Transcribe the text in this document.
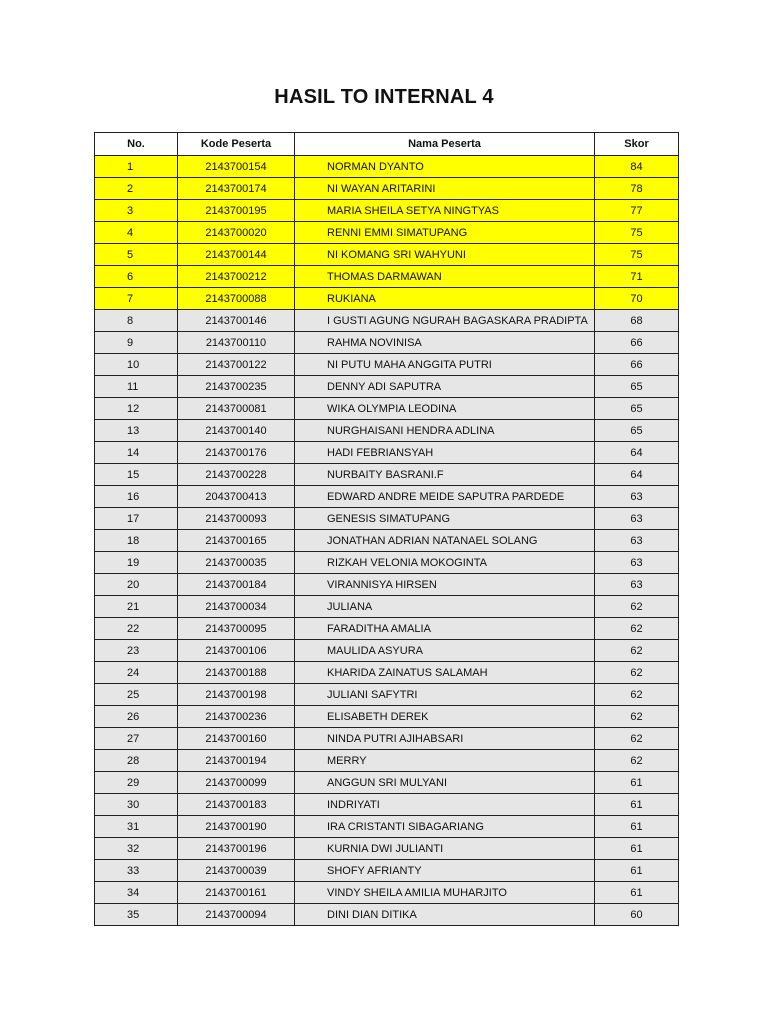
HASIL TO INTERNAL 4
No.	Kode Peserta	Nama Peserta	Skor
1	2143700154	NORMAN DYANTO	84
2	2143700174	NI WAYAN ARITARINI	78
3	2143700195	MARIA SHEILA SETYA NINGTYAS	77
4	2143700020	RENNI EMMI SIMATUPANG	75
5	2143700144	NI KOMANG SRI WAHYUNI	75
6	2143700212	THOMAS DARMAWAN	71
7	2143700088	RUKIANA	70
8	2143700146	I GUSTI AGUNG NGURAH BAGASKARA PRADIPTA	68
9	2143700110	RAHMA NOVINISA	66
10	2143700122	NI PUTU MAHA ANGGITA PUTRI	66
11	2143700235	DENNY ADI SAPUTRA	65
12	2143700081	WIKA OLYMPIA LEODINA	65
13	2143700140	NURGHAISANI HENDRA ADLINA	65
14	2143700176	HADI FEBRIANSYAH	64
15	2143700228	NURBAITY BASRANI.F	64
16	2043700413	EDWARD ANDRE MEIDE SAPUTRA PARDEDE	63
17	2143700093	GENESIS SIMATUPANG	63
18	2143700165	JONATHAN ADRIAN NATANAEL SOLANG	63
19	2143700035	RIZKAH VELONIA MOKOGINTA	63
20	2143700184	VIRANNISYA HIRSEN	63
21	2143700034	JULIANA	62
22	2143700095	FARADITHA AMALIA	62
23	2143700106	MAULIDA ASYURA	62
24	2143700188	KHARIDA ZAINATUS SALAMAH	62
25	2143700198	JULIANI SAFYTRI	62
26	2143700236	ELISABETH DEREK	62
27	2143700160	NINDA PUTRI AJIHABSARI	62
28	2143700194	MERRY	62
29	2143700099	ANGGUN SRI MULYANI	61
30	2143700183	INDRIYATI	61
31	2143700190	IRA CRISTANTI SIBAGARIANG	61
32	2143700196	KURNIA DWI JULIANTI	61
33	2143700039	SHOFY AFRIANTY	61
34	2143700161	VINDY SHEILA AMILIA MUHARJITO	61
35	2143700094	DINI DIAN DITIKA	60
